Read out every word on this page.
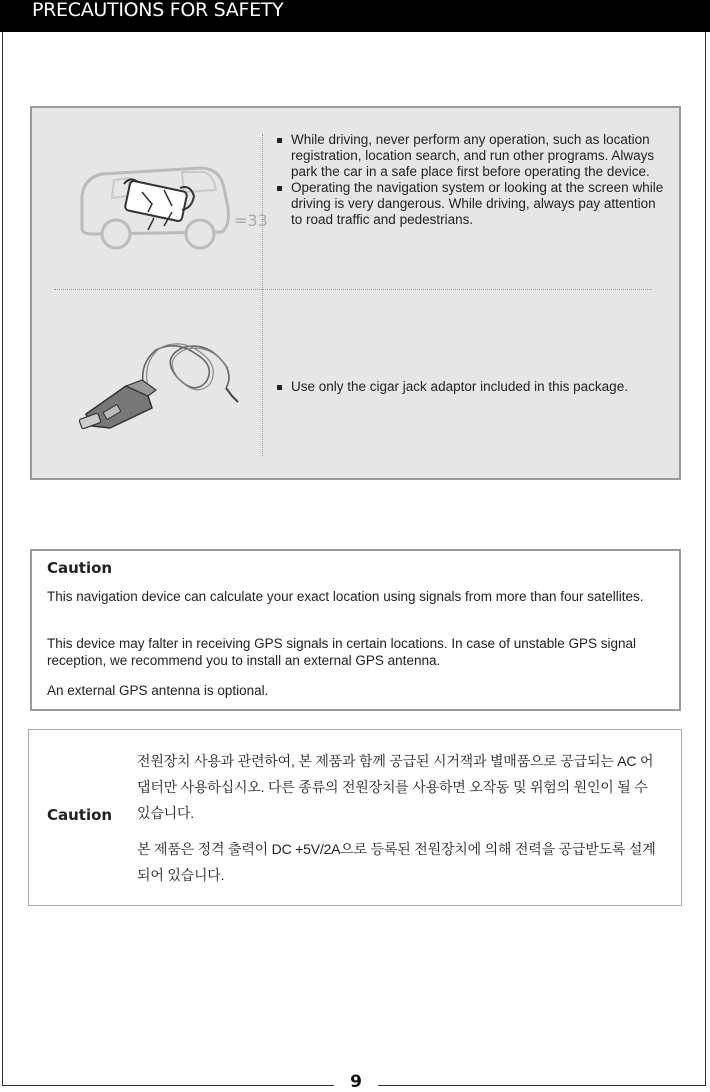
PRECAUTIONS FOR SAFETY
=33
While driving, never perform any operation, such as location registration, location search, and run other programs. Always park the car in a safe place first before operating the device.
Operating the navigation system or looking at the screen while driving is very dangerous. While driving, always pay attention to road traffic and pedestrians.
Use only the cigar jack adaptor included in this package.
Caution

This navigation device can calculate your exact location using signals from more than four satellites.

This device may falter in receiving GPS signals in certain locations. In case of unstable GPS signal reception, we recommend you to install an external GPS antenna.

An external GPS antenna is optional.

Caution

전원장치 사용과 관련하여, 본 제품과 함께 공급된 시거잭과 별매품으로 공급되는 AC 어댑터만 사용하십시오. 다른 종류의 전원장치를 사용하면 오작동 및 위험의 원인이 될 수 있습니다.

본 제품은 정격 출력이 DC +5V/2A으로 등록된 전원장치에 의해 전력을 공급받도록 설계되어 있습니다.

9
